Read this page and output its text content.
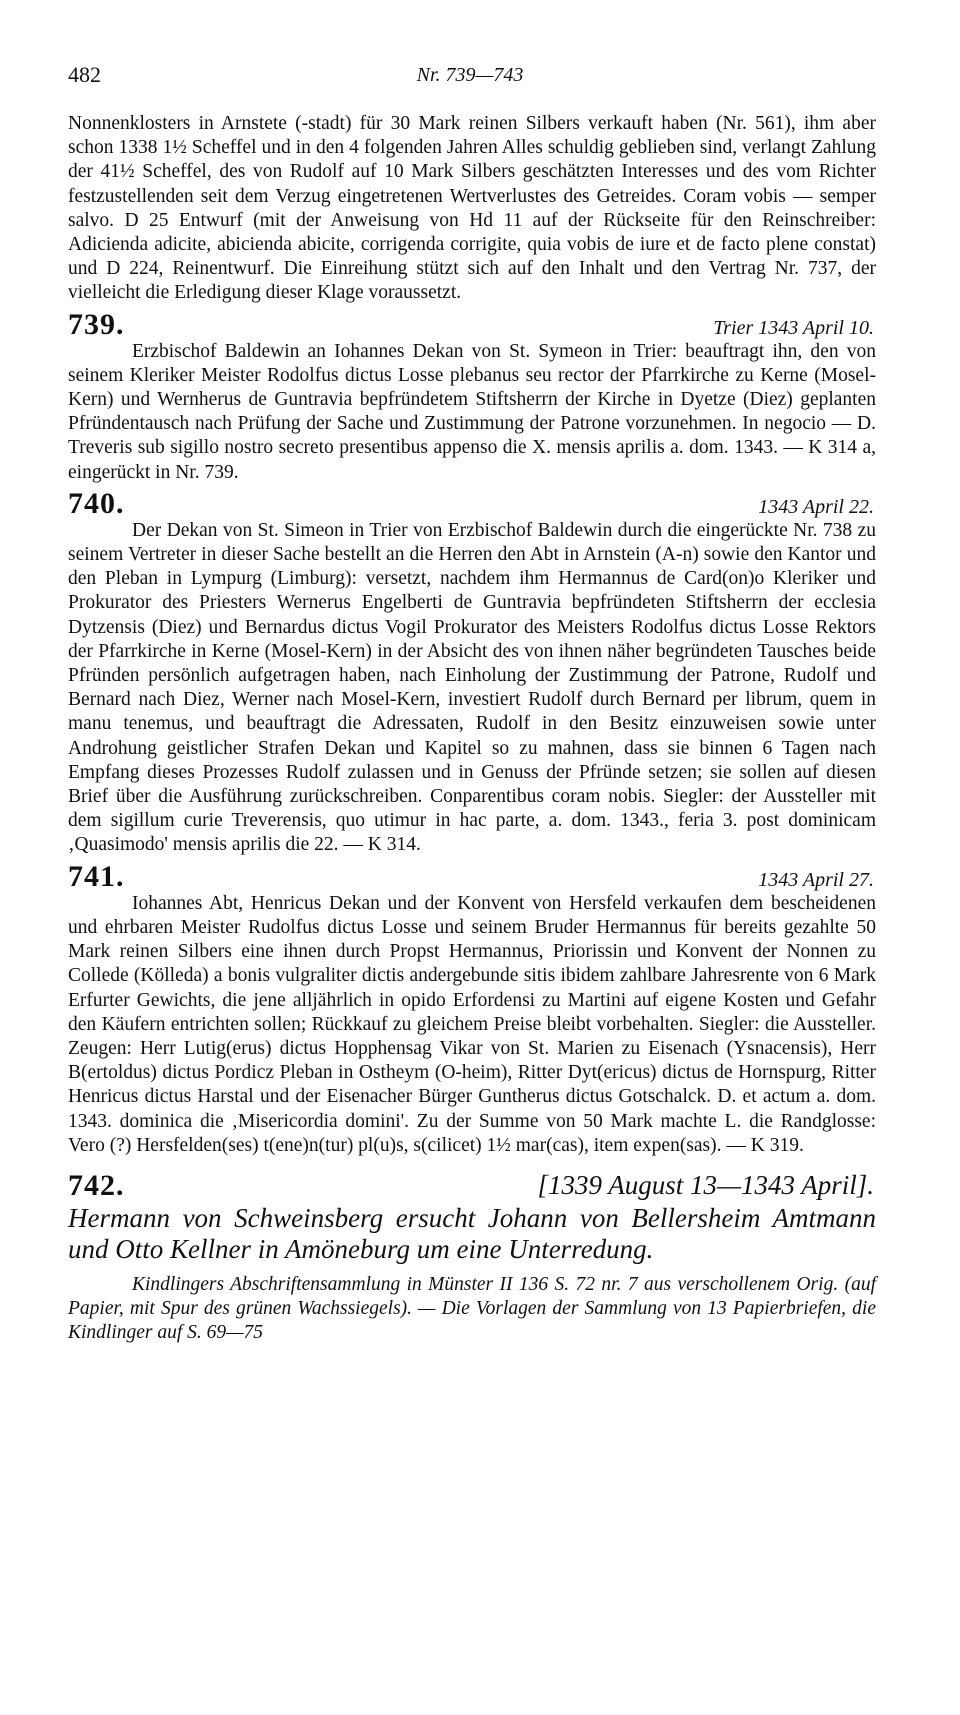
482	Nr. 739—743

Nonnenklosters in Arnstete (-stadt) für 30 Mark reinen Silbers verkauft haben (Nr. 561), ihm aber schon 1338 1½ Scheffel und in den 4 folgenden Jahren Alles schuldig geblieben sind, verlangt Zahlung der 41½ Scheffel, des von Rudolf auf 10 Mark Silbers geschätzten Interesses und des vom Richter festzustellenden seit dem Verzug eingetretenen Wertverlustes des Getreides. Coram vobis — semper salvo. D 25 Entwurf (mit der Anweisung von Hd 11 auf der Rückseite für den Reinschreiber: Adicienda adicite, abicienda abicite, corrigenda corrigite, quia vobis de iure et de facto plene constat) und D 224, Reinentwurf. Die Einreihung stützt sich auf den Inhalt und den Vertrag Nr. 737, der vielleicht die Erledigung dieser Klage voraussetzt.

739.	Trier 1343 April 10.

Erzbischof Baldewin an Iohannes Dekan von St. Symeon in Trier: beauftragt ihn, den von seinem Kleriker Meister Rodolfus dictus Losse plebanus seu rector der Pfarrkirche zu Kerne (Mosel-Kern) und Wernherus de Guntravia bepfründetem Stiftsherrn der Kirche in Dyetze (Diez) geplanten Pfründentausch nach Prüfung der Sache und Zustimmung der Patrone vorzunehmen. In negocio — D. Treveris sub sigillo nostro secreto presentibus appenso die X. mensis aprilis a. dom. 1343. — K 314 a, eingerückt in Nr. 739.

740.	1343 April 22.

Der Dekan von St. Simeon in Trier von Erzbischof Baldewin durch die eingerückte Nr. 738 zu seinem Vertreter in dieser Sache bestellt an die Herren den Abt in Arnstein (A-n) sowie den Kantor und den Pleban in Lympurg (Limburg): versetzt, nachdem ihm Hermannus de Card(on)o Kleriker und Prokurator des Priesters Wernerus Engelberti de Guntravia bepfründeten Stiftsherrn der ecclesia Dytzensis (Diez) und Bernardus dictus Vogil Prokurator des Meisters Rodolfus dictus Losse Rektors der Pfarrkirche in Kerne (Mosel-Kern) in der Absicht des von ihnen näher begründeten Tausches beide Pfründen persönlich aufgetragen haben, nach Einholung der Zustimmung der Patrone, Rudolf und Bernard nach Diez, Werner nach Mosel-Kern, investiert Rudolf durch Bernard per librum, quem in manu tenemus, und beauftragt die Adressaten, Rudolf in den Besitz einzuweisen sowie unter Androhung geistlicher Strafen Dekan und Kapitel so zu mahnen, dass sie binnen 6 Tagen nach Empfang dieses Prozesses Rudolf zulassen und in Genuss der Pfründe setzen; sie sollen auf diesen Brief über die Ausführung zurückschreiben. Conparentibus coram nobis. Siegler: der Aussteller mit dem sigillum curie Treverensis, quo utimur in hac parte, a. dom. 1343., feria 3. post dominicam ‚Quasimodo' mensis aprilis die 22. — K 314.

741.	1343 April 27.

Iohannes Abt, Henricus Dekan und der Konvent von Hersfeld verkaufen dem bescheidenen und ehrbaren Meister Rudolfus dictus Losse und seinem Bruder Hermannus für bereits gezahlte 50 Mark reinen Silbers eine ihnen durch Propst Hermannus, Priorissin und Konvent der Nonnen zu Collede (Kölleda) a bonis vulgraliter dictis andergebunde sitis ibidem zahlbare Jahresrente von 6 Mark Erfurter Gewichts, die jene alljährlich in opido Erfordensi zu Martini auf eigene Kosten und Gefahr den Käufern entrichten sollen; Rückkauf zu gleichem Preise bleibt vorbehalten. Siegler: die Aussteller. Zeugen: Herr Lutig(erus) dictus Hopphensag Vikar von St. Marien zu Eisenach (Ysnacensis), Herr B(ertoldus) dictus Pordicz Pleban in Ostheym (O-heim), Ritter Dyt(ericus) dictus de Hornspurg, Ritter Henricus dictus Harstal und der Eisenacher Bürger Guntherus dictus Gotschalck. D. et actum a. dom. 1343. dominica die ‚Misericordia domini'. Zu der Summe von 50 Mark machte L. die Randglosse: Vero (?) Hersfelden(ses) t(ene)n(tur) pl(u)s, s(cilicet) 1½ mar(cas), item expen(sas). — K 319.

742.	[1339 August 13—1343 April].
Hermann von Schweinsberg ersucht Johann von Bellersheim Amtmann und Otto Kellner in Amöneburg um eine Unterredung.

Kindlingers Abschriftensammlung in Münster II 136 S. 72 nr. 7 aus verschollenem Orig. (auf Papier, mit Spur des grünen Wachssiegels). — Die Vorlagen der Sammlung von 13 Papierbriefen, die Kindlinger auf S. 69—75
